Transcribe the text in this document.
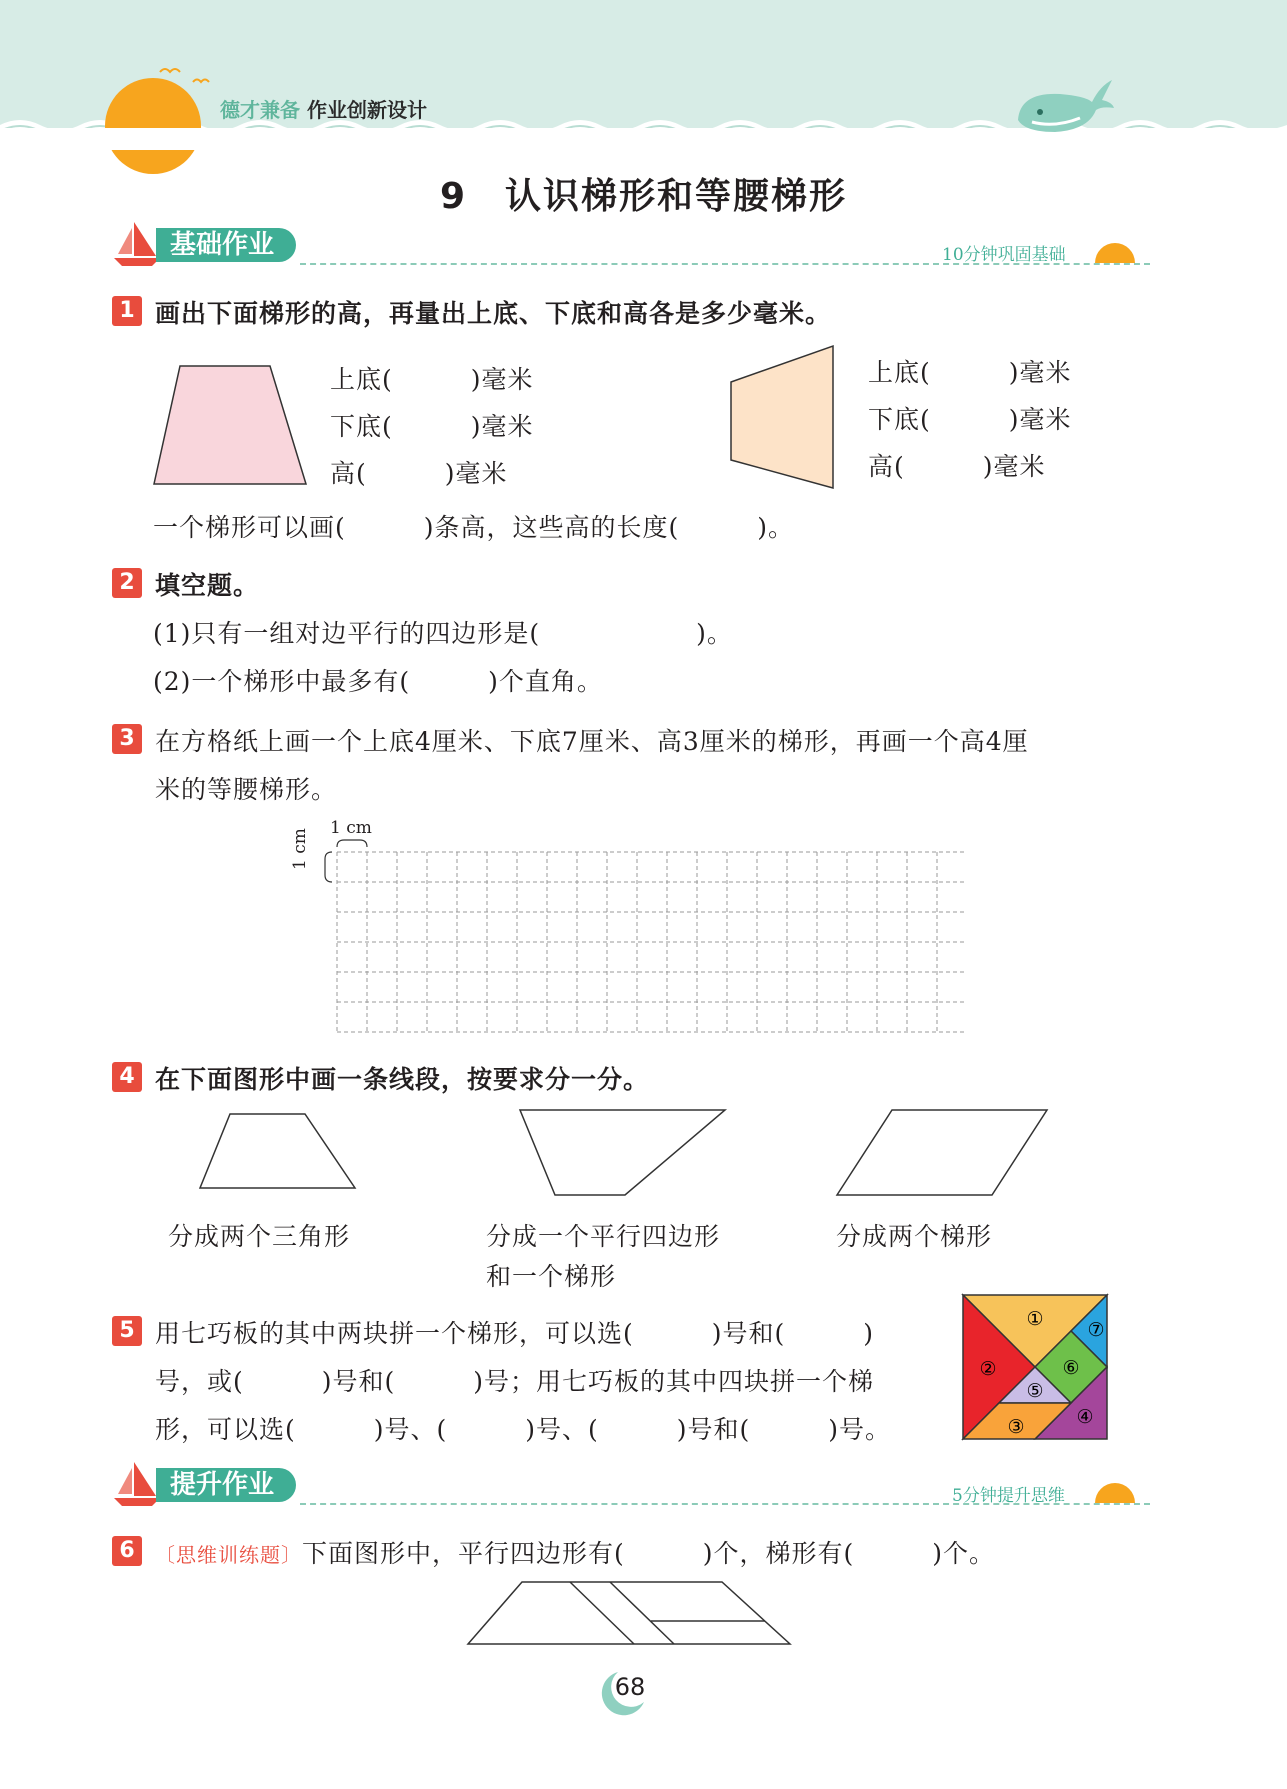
德才兼备 作业创新设计
9　认识梯形和等腰梯形
基础作业	10分钟巩固基础
1 画出下面梯形的高，再量出上底、下底和高各是多少毫米。
上底(　　　)毫米
下底(　　　)毫米
高(　　　)毫米
上底(　　　)毫米
下底(　　　)毫米
高(　　　)毫米
一个梯形可以画(　　　)条高，这些高的长度(　　　)。
2 填空题。
(1)只有一组对边平行的四边形是(　　　　　　)。
(2)一个梯形中最多有(　　　)个直角。
3 在方格纸上画一个上底4厘米、下底7厘米、高3厘米的梯形，再画一个高4厘
米的等腰梯形。
1 cm
1 cm
4 在下面图形中画一条线段，按要求分一分。
分成两个三角形	分成一个平行四边形
和一个梯形
分成两个梯形
5 用七巧板的其中两块拼一个梯形，可以选(　　　)号和(　　　)
号，或(　　　)号和(　　　)号；用七巧板的其中四块拼一个梯
形，可以选(　　　)号、(　　　)号、(　　　)号和(　　　)号。
①
②
③	④
⑤
⑥
⑦
提升作业	5分钟提升思维
6	〔思维训练题〕下面图形中，平行四边形有(　　　)个，梯形有(　　　)个。
68
